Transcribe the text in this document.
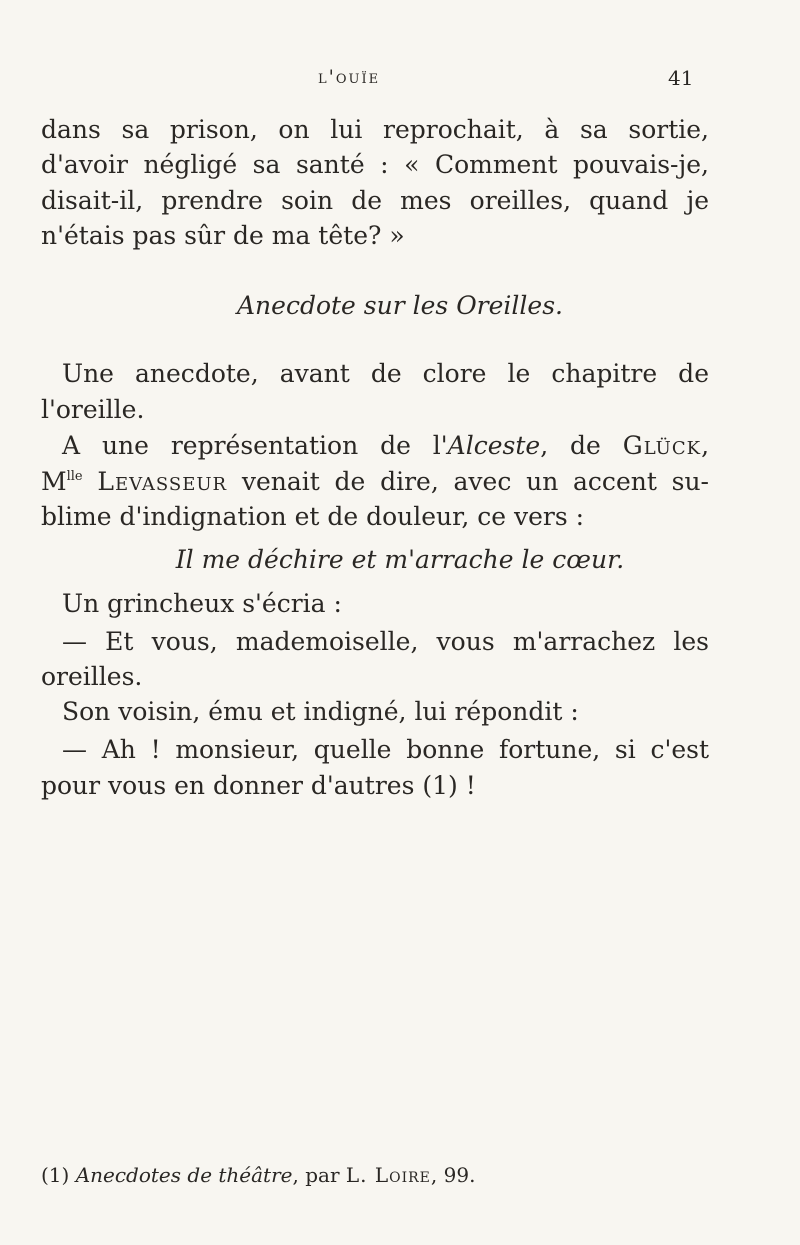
l'ouïe	41
dans sa prison, on lui reprochait, à sa sortie,
d'avoir négligé sa santé : « Comment pouvais-je,
disait-il, prendre soin de mes oreilles, quand je
n'étais pas sûr de ma tête? »
Anecdote sur les Oreilles.
Une anecdote, avant de clore le chapitre de
l'oreille.
A une représentation de l'Alceste, de Glück,
$M^{lle}$ Levasseur venait de dire, avec un accent su-
blime d'indignation et de douleur, ce vers :
Il me déchire et m'arrache le cœur.
Un grincheux s'écria :
— Et vous, mademoiselle, vous m'arrachez les
oreilles.
Son voisin, ému et indigné, lui répondit :
— Ah ! monsieur, quelle bonne fortune, si c'est
pour vous en donner d'autres (1) !
(1) Anecdotes de théâtre, par L. Loire, 99.
